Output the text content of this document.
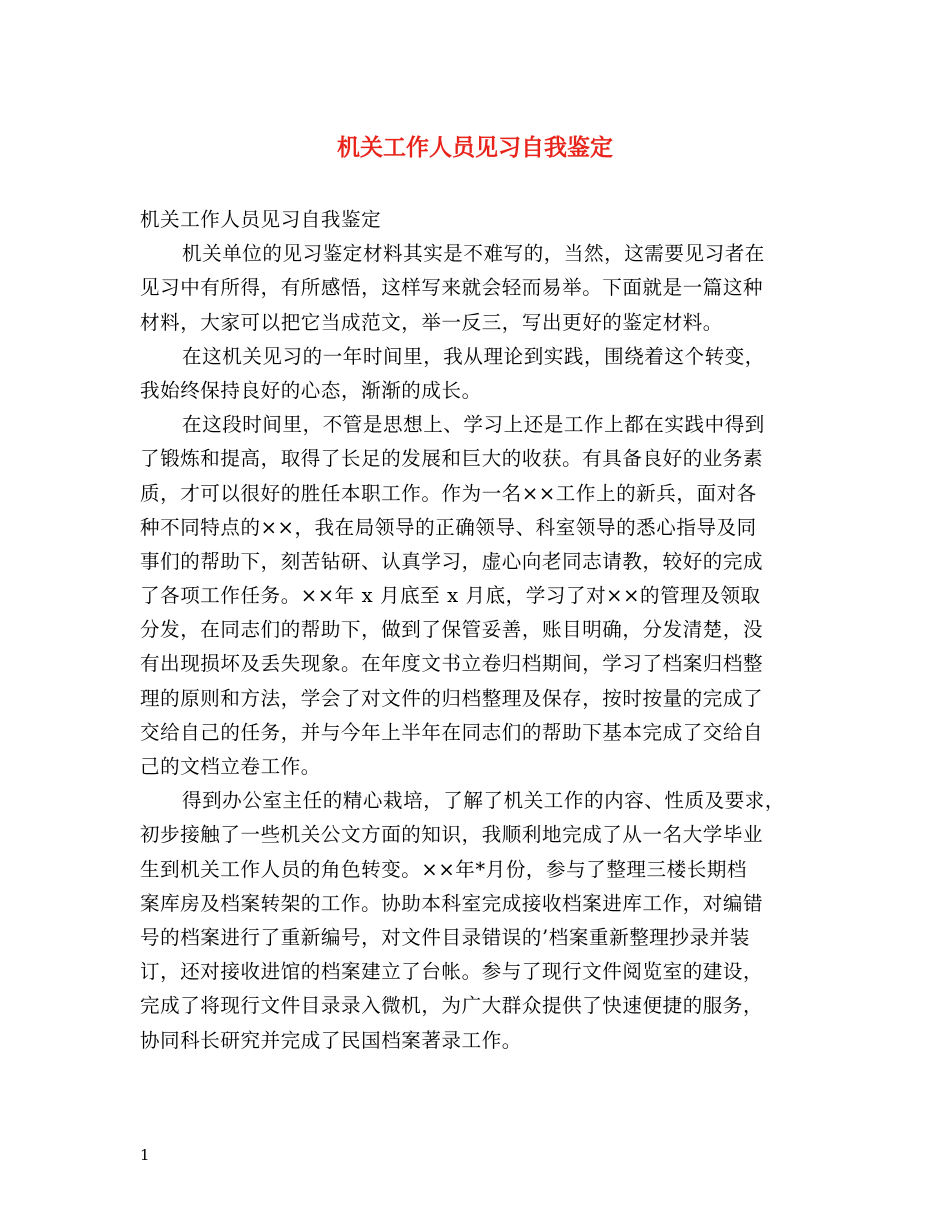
机关工作人员见习自我鉴定
机关工作人员见习自我鉴定
机关单位的见习鉴定材料其实是不难写的，当然，这需要见习者在
见习中有所得，有所感悟，这样写来就会轻而易举。下面就是一篇这种
材料，大家可以把它当成范文，举一反三，写出更好的鉴定材料。
在这机关见习的一年时间里，我从理论到实践，围绕着这个转变，
我始终保持良好的心态，渐渐的成长。
在这段时间里，不管是思想上、学习上还是工作上都在实践中得到
了锻炼和提高，取得了长足的发展和巨大的收获。有具备良好的业务素
质，才可以很好的胜任本职工作。作为一名××工作上的新兵，面对各
种不同特点的××，我在局领导的正确领导、科室领导的悉心指导及同
事们的帮助下，刻苦钻研、认真学习，虚心向老同志请教，较好的完成
了各项工作任务。××年 x 月底至 x 月底，学习了对××的管理及领取
分发，在同志们的帮助下，做到了保管妥善，账目明确，分发清楚，没
有出现损坏及丢失现象。在年度文书立卷归档期间，学习了档案归档整
理的原则和方法，学会了对文件的归档整理及保存，按时按量的完成了
交给自己的任务，并与今年上半年在同志们的帮助下基本完成了交给自
己的文档立卷工作。
得到办公室主任的精心栽培，了解了机关工作的内容、性质及要求，
初步接触了一些机关公文方面的知识，我顺利地完成了从一名大学毕业
生到机关工作人员的角色转变。××年*月份，参与了整理三楼长期档
案库房及档案转架的工作。协助本科室完成接收档案进库工作，对编错
号的档案进行了重新编号，对文件目录错误的’档案重新整理抄录并装
订，还对接收进馆的档案建立了台帐。参与了现行文件阅览室的建设，
完成了将现行文件目录录入微机，为广大群众提供了快速便捷的服务，
协同科长研究并完成了民国档案著录工作。
1
